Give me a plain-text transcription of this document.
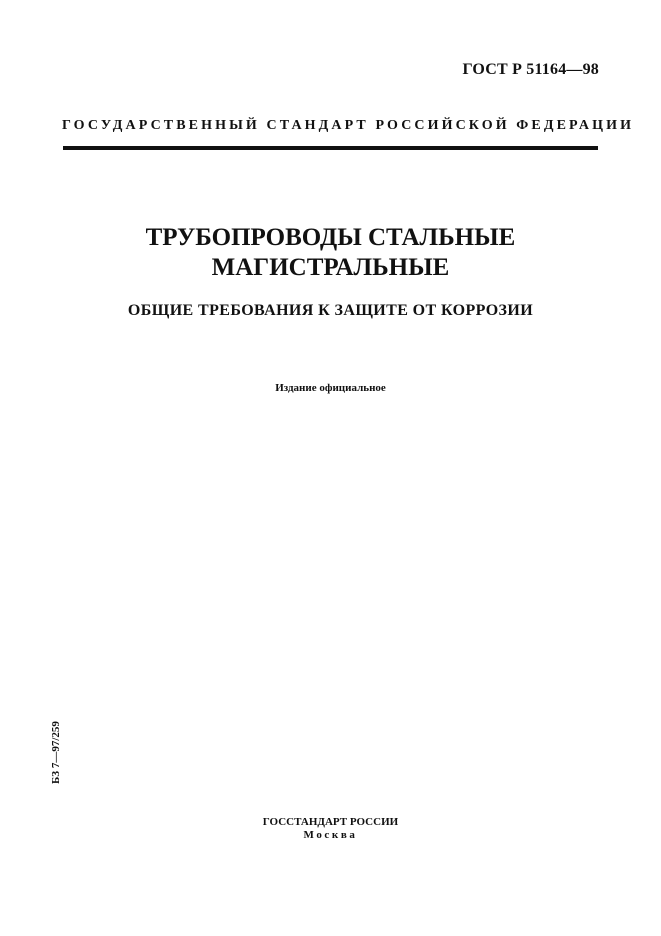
ГОСТ Р 51164—98
ГОСУДАРСТВЕННЫЙ СТАНДАРТ РОССИЙСКОЙ ФЕДЕРАЦИИ
ТРУБОПРОВОДЫ СТАЛЬНЫЕ
МАГИСТРАЛЬНЫЕ
ОБЩИЕ ТРЕБОВАНИЯ К ЗАЩИТЕ ОТ КОРРОЗИИ
Издание официальное
БЗ 7—97/259
ГОССТАНДАРТ РОССИИ
Москва
